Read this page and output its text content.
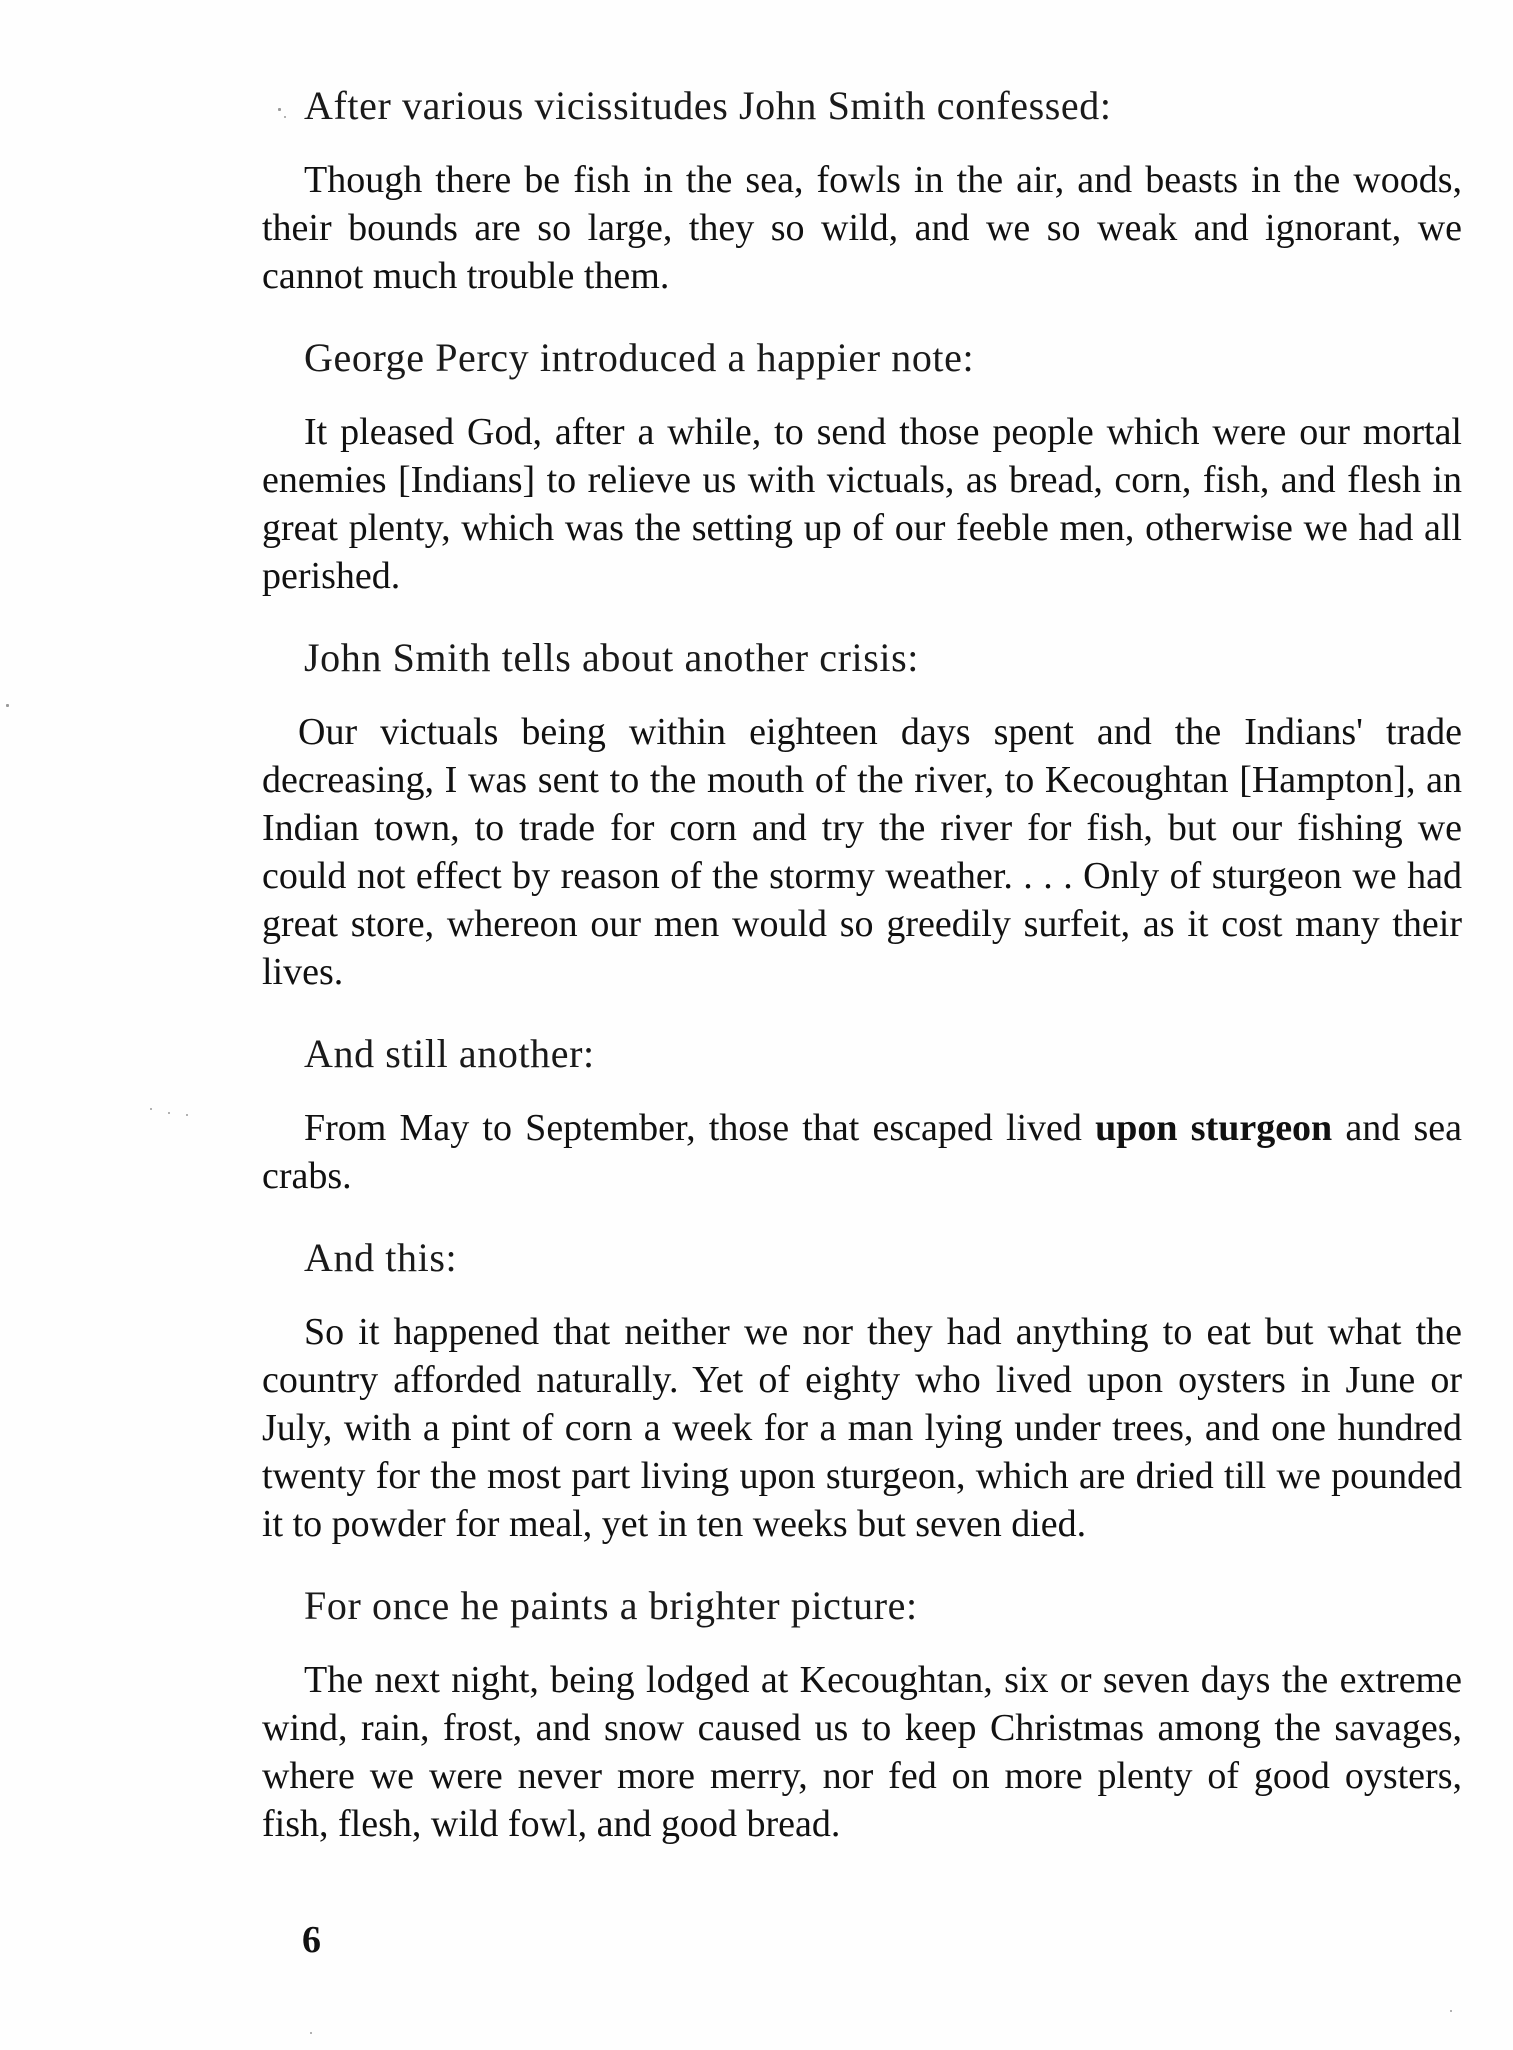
After various vicissitudes John Smith confessed:

Though there be fish in the sea, fowls in the air, and beasts in the woods, their bounds are so large, they so wild, and we so weak and ignorant, we cannot much trouble them.

George Percy introduced a happier note:

It pleased God, after a while, to send those people which were our mortal enemies [Indians] to relieve us with victuals, as bread, corn, fish, and flesh in great plenty, which was the setting up of our feeble men, otherwise we had all perished.

John Smith tells about another crisis:

Our victuals being within eighteen days spent and the Indians' trade decreasing, I was sent to the mouth of the river, to Kecoughtan [Hampton], an Indian town, to trade for corn and try the river for fish, but our fishing we could not effect by reason of the stormy weather. . . . Only of sturgeon we had great store, whereon our men would so greedily surfeit, as it cost many their lives.

And still another:

From May to September, those that escaped lived upon sturgeon and sea crabs.

And this:

So it happened that neither we nor they had anything to eat but what the country afforded naturally. Yet of eighty who lived upon oysters in June or July, with a pint of corn a week for a man lying under trees, and one hundred twenty for the most part living upon sturgeon, which are dried till we pounded it to powder for meal, yet in ten weeks but seven died.

For once he paints a brighter picture:

The next night, being lodged at Kecoughtan, six or seven days the extreme wind, rain, frost, and snow caused us to keep Christmas among the savages, where we were never more merry, nor fed on more plenty of good oysters, fish, flesh, wild fowl, and good bread.

6
